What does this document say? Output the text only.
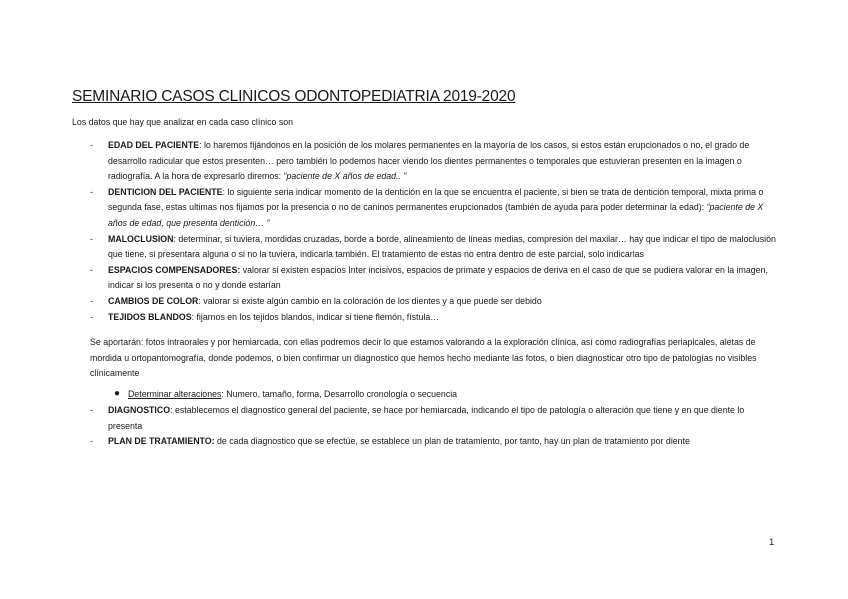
SEMINARIO CASOS CLINICOS ODONTOPEDIATRIA 2019-2020
Los datos que hay que analizar en cada caso clínico son
- EDAD DEL PACIENTE: lo haremos fijándonos en la posición de los molares permanentes en la mayoría de los casos, si estos están erupcionados o no, el grado de desarrollo radicular que estos presenten… pero también lo podemos hacer viendo los dientes permanentes o temporales que estuvieran presenten en la imagen o radiografía. A la hora de expresarlo diremos: “paciente de X años de edad.. ”
- DENTICION DEL PACIENTE: lo siguiente seria indicar momento de la dentición en la que se encuentra el paciente, si bien se trata de dentición temporal, mixta prima o segunda fase, estas ultimas nos fijamos por la presencia o no de caninos permanentes erupcionados (también de ayuda para poder determinar la edad): “paciente de X años de edad, que presenta dentición… ”
- MALOCLUSION: determinar, si tuviera, mordidas cruzadas, borde a borde, alineamiento de líneas medias, compresión del maxilar… hay que indicar el tipo de maloclusión que tiene, si presentara alguna o si no la tuviera, indicarla también. El tratamiento de estas no entra dentro de este parcial, solo indicarlas
- ESPACIOS COMPENSADORES: valorar si existen espacios Inter incisivos, espacios de primate y espacios de deriva en el caso de que se pudiera valorar en la imagen, indicar si los presenta o no y donde estarían
- CAMBIOS DE COLOR: valorar si existe algún cambio en la coloración de los dientes y a que puede ser debido
- TEJIDOS BLANDOS: fijarnos en los tejidos blandos, indicar si tiene flemón, fístula…
Se aportarán: fotos intraorales y por hemiarcada, con ellas podremos decir lo que estamos valorando a la exploración clínica, así como radiografías periapicales, aletas de mordida u ortopantomografía, donde podemos, o bien confirmar un diagnostico que hemos hecho mediante las fotos, o bien diagnosticar otro tipo de patologías no visibles clínicamente
● Determinar alteraciones: Numero, tamaño, forma, Desarrollo cronología o secuencia
- DIAGNOSTICO: establecemos el diagnostico general del paciente, se hace por hemiarcada, indicando el tipo de patología o alteración que tiene y en que diente lo presenta
- PLAN DE TRATAMIENTO: de cada diagnostico que se efectúe, se establece un plan de tratamiento, por tanto, hay un plan de tratamiento por diente
1
